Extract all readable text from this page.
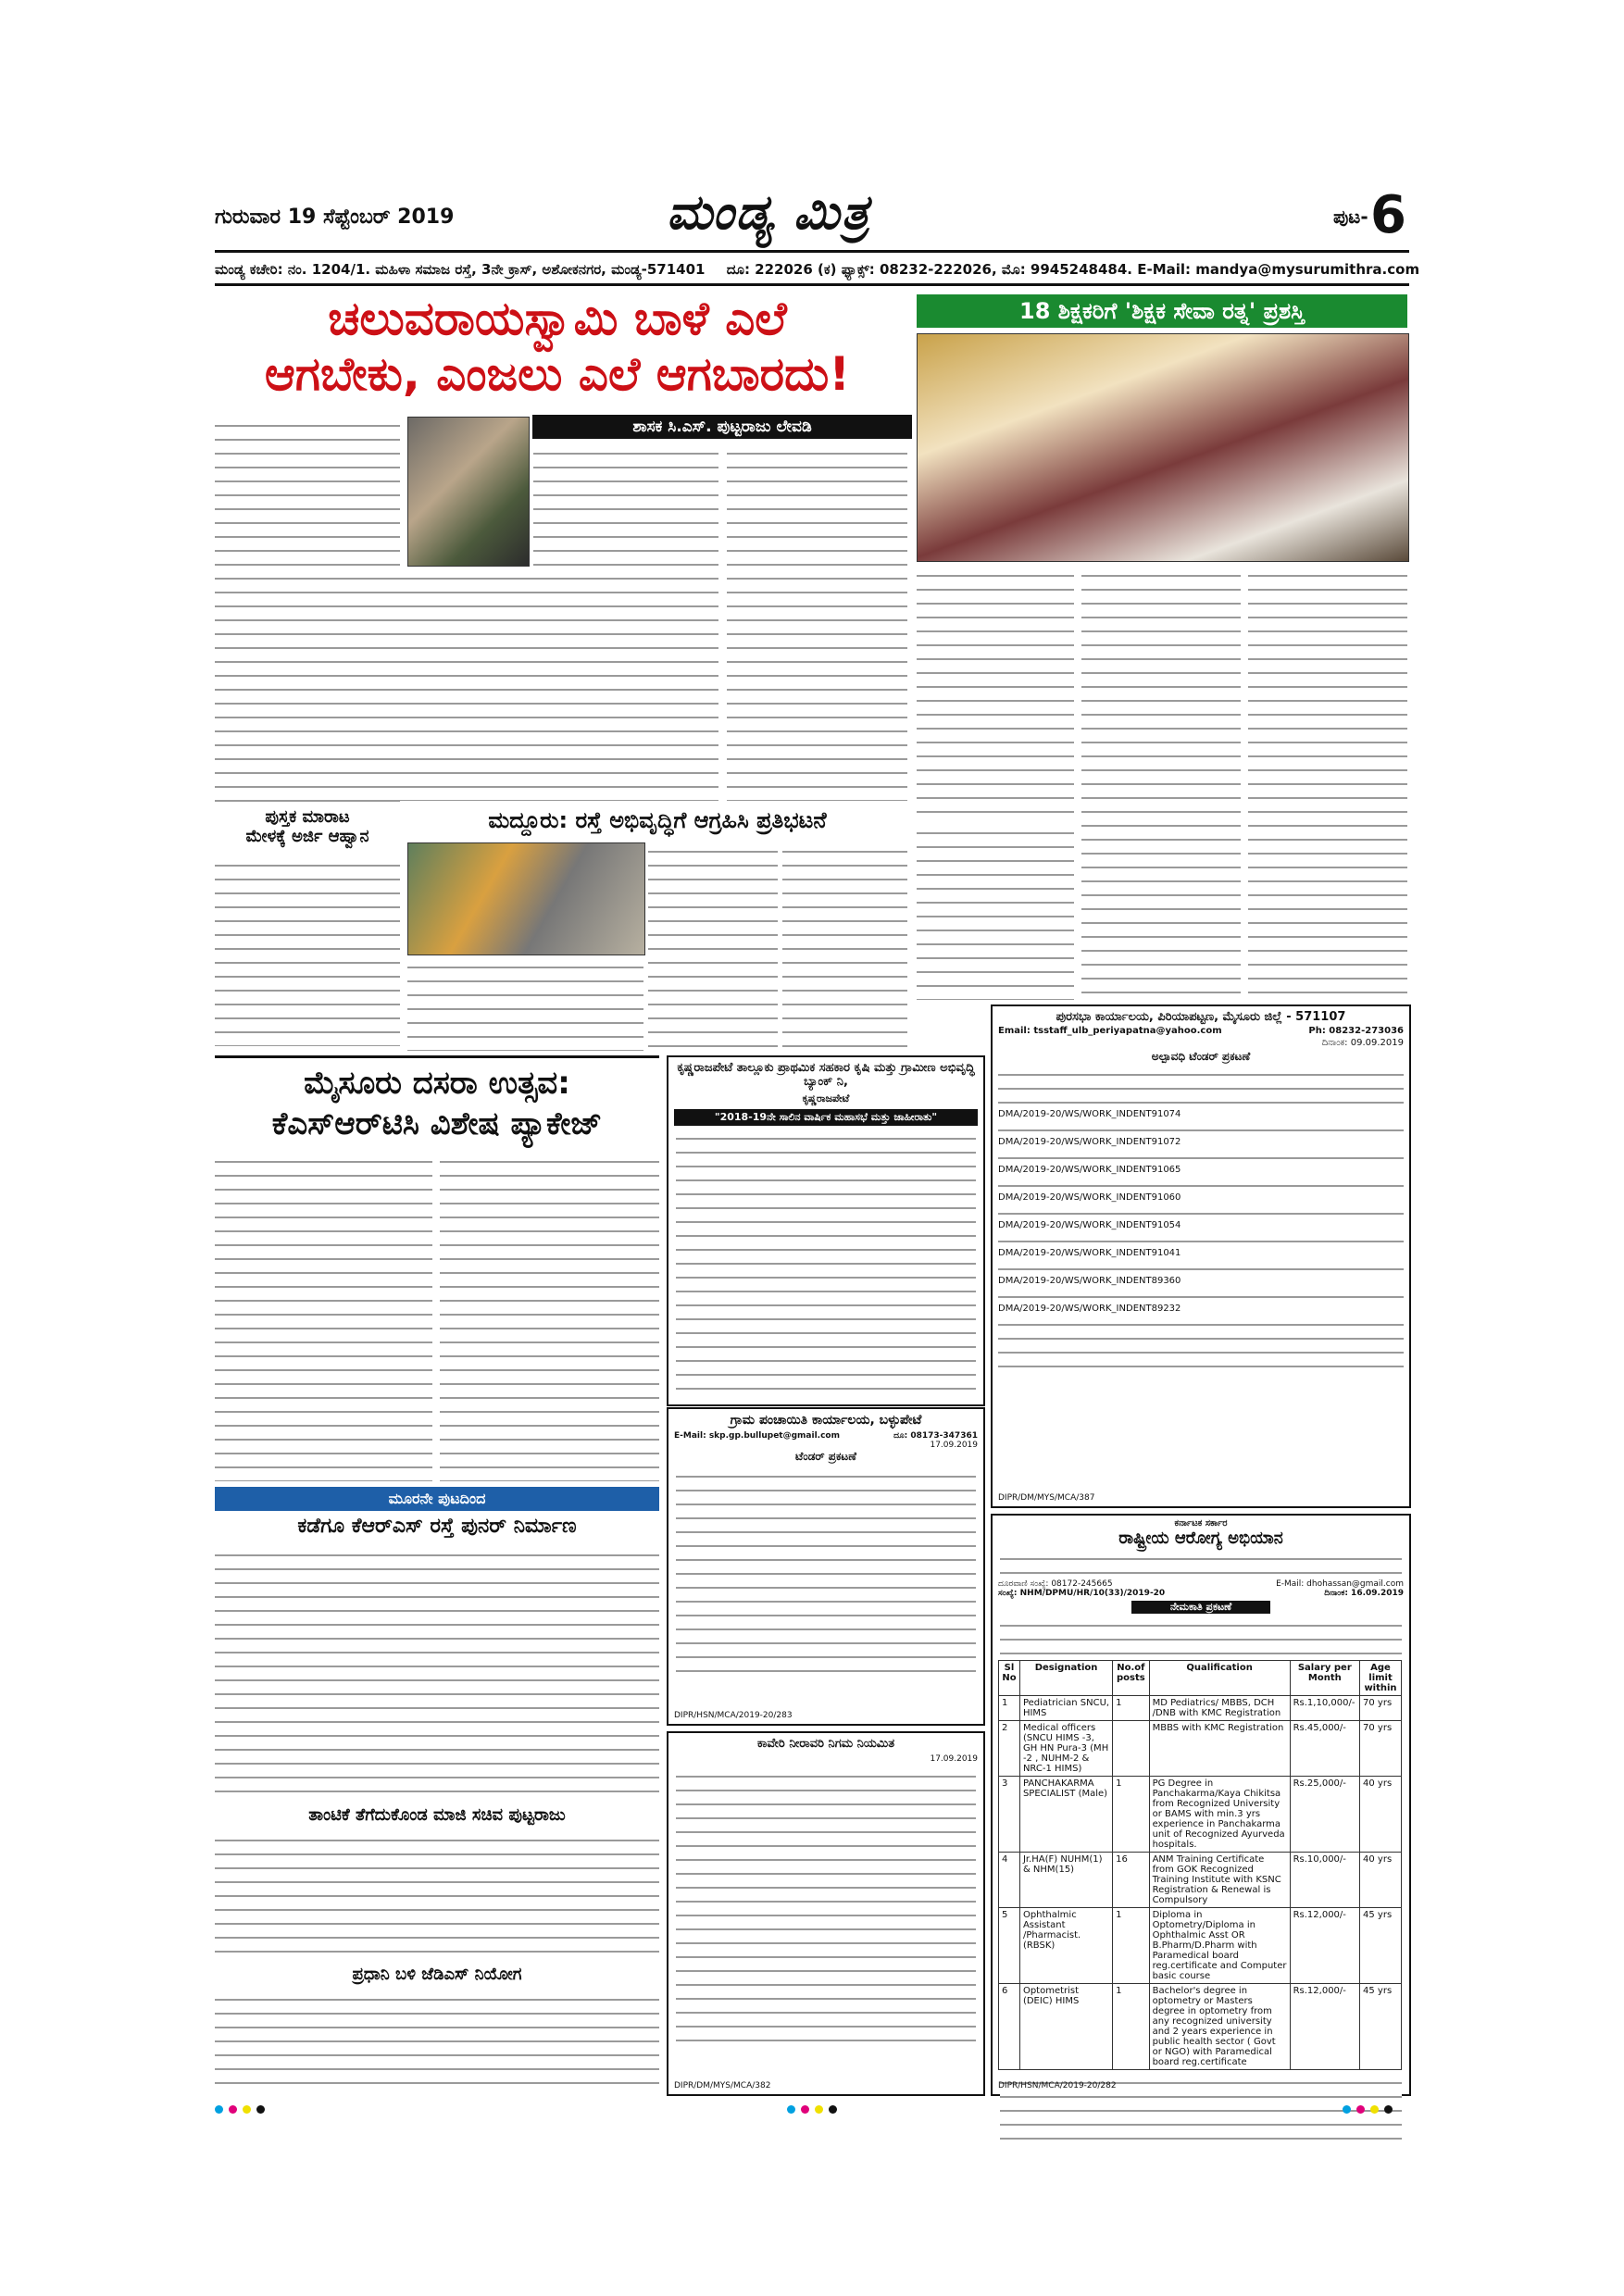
ಗುರುವಾರ 19 ಸೆಪ್ಟೆಂಬರ್ 2019	ಮಂಡ್ಯ ಮಿತ್ರ	ಪುಟ- 6
ಮಂಡ್ಯ ಕಚೇರಿ: ನಂ. 1204/1. ಮಹಿಳಾ ಸಮಾಜ ರಸ್ತೆ, 3ನೇ ಕ್ರಾಸ್, ಅಶೋಕನಗರ, ಮಂಡ್ಯ-571401 ದೂ: 222026 (ಕ) ಫ್ಯಾಕ್ಸ್: 08232-222026, ಮೊ: 9945248484. E-Mail: mandya@mysurumithra.com
ಚಲುವರಾಯಸ್ವಾಮಿ ಬಾಳೆ ಎಲೆ
ಆಗಬೇಕು, ಎಂಜಲು ಎಲೆ ಆಗಬಾರದು!
ಶಾಸಕ ಸಿ.ಎಸ್. ಪುಟ್ಟರಾಜು ಲೇವಡಿ
18 ಶಿಕ್ಷಕರಿಗೆ 'ಶಿಕ್ಷಕ ಸೇವಾ ರತ್ನ' ಪ್ರಶಸ್ತಿ
ಪುಸ್ತಕ ಮಾರಾಟ
ಮೇಳಕ್ಕೆ ಅರ್ಜಿ ಆಹ್ವಾನ
ಮದ್ದೂರು: ರಸ್ತೆ ಅಭಿವೃದ್ಧಿಗೆ ಆಗ್ರಹಿಸಿ ಪ್ರತಿಭಟನೆ
ಮೈಸೂರು ದಸರಾ ಉತ್ಸವ:
ಕೆಎಸ್ಆರ್‌ಟಿಸಿ ವಿಶೇಷ ಪ್ಯಾಕೇಜ್
ಮೂರನೇ ಪುಟದಿಂದ
ಕಡೆಗೂ ಕೆಆರ್‌ಎಸ್ ರಸ್ತೆ ಪುನರ್ ನಿರ್ಮಾಣ
ತಾಂಟಿಕೆ ತೆಗೆದುಕೊಂಡ ಮಾಜಿ ಸಚಿವ ಪುಟ್ಟರಾಜು
ಪ್ರಧಾನಿ ಬಳಿ ಜೆಡಿಎಸ್ ನಿಯೋಗ
ಪುರಸಭಾ ಕಾರ್ಯಾಲಯ, ಪಿರಿಯಾಪಟ್ಟಣ, ಮೈಸೂರು ಜಿಲ್ಲೆ - 571107
Email: tsstaff_ulb_periyapatna@yahoo.com	Ph: 08232-273036
ದಿನಾಂಕ: 09.09.2019
ಅಲ್ಪಾವಧಿ ಟೆಂಡರ್ ಪ್ರಕಟಣೆ
DMA/2019-20/WS/WORK_INDENT91074
DMA/2019-20/WS/WORK_INDENT91072
DMA/2019-20/WS/WORK_INDENT91065
DMA/2019-20/WS/WORK_INDENT91060
DMA/2019-20/WS/WORK_INDENT91054
DMA/2019-20/WS/WORK_INDENT91041
DMA/2019-20/WS/WORK_INDENT89360
DMA/2019-20/WS/WORK_INDENT89232
DIPR/DM/MYS/MCA/387
ಕೃಷ್ಣರಾಜಪೇಟೆ ತಾಲ್ಲೂಕು ಪ್ರಾಥಮಿಕ ಸಹಕಾರ ಕೃಷಿ ಮತ್ತು ಗ್ರಾಮೀಣ ಅಭಿವೃದ್ಧಿ ಬ್ಯಾಂಕ್ ನಿ,
ಕೃಷ್ಣರಾಜಪೇಟೆ
"2018-19ನೇ ಸಾಲಿನ ವಾರ್ಷಿಕ ಮಹಾಸಭೆ ಮತ್ತು ಜಾಹೀರಾತು"
ಗ್ರಾಮ ಪಂಚಾಯಿತಿ ಕಾರ್ಯಾಲಯ, ಬಳ್ಳುಪೇಟೆ
E-Mail: skp.gp.bullupet@gmail.com	ದೂ: 08173-347361
17.09.2019
ಟೆಂಡರ್ ಪ್ರಕಟಣೆ
DIPR/HSN/MCA/2019-20/283
ಕಾವೇರಿ ನೀರಾವರಿ ನಿಗಮ ನಿಯಮಿತ
17.09.2019
DIPR/DM/MYS/MCA/382
ಕರ್ನಾಟಕ ಸರ್ಕಾರ
ರಾಷ್ಟ್ರೀಯ ಆರೋಗ್ಯ ಅಭಿಯಾನ
ದೂರವಾಣಿ ಸಂಖ್ಯೆ: 08172-245665	E-Mail: dhohassan@gmail.com
ಸಂಖ್ಯೆ: NHM/DPMU/HR/10(33)/2019-20	ದಿನಾಂಕ: 16.09.2019
ನೇಮಕಾತಿ ಪ್ರಕಟಣೆ
Sl No	Designation	No.of posts	Qualification	Salary per Month	Age limit within
1	Pediatrician SNCU, HIMS	1	MD Pediatrics/ MBBS, DCH /DNB with KMC Registration	Rs.1,10,000/-	70 yrs
2	Medical officers (SNCU HIMS -3, GH HN Pura-3 (MH -2 , NUHM-2 & NRC-1 HIMS)		MBBS with KMC Registration	Rs.45,000/-	70 yrs
3	PANCHAKARMA SPECIALIST (Male)	1	PG Degree in Panchakarma/Kaya Chikitsa from Recognized University or BAMS with min.3 yrs experience in Panchakarma unit of Recognized Ayurveda hospitals.	Rs.25,000/-	40 yrs
4	Jr.HA(F) NUHM(1) & NHM(15)	16	ANM Training Certificate from GOK Recognized Training Institute with KSNC Registration & Renewal is Compulsory	Rs.10,000/-	40 yrs
5	Ophthalmic Assistant /Pharmacist. (RBSK)	1	Diploma in Optometry/Diploma in Ophthalmic Asst OR B.Pharm/D.Pharm with Paramedical board reg.certificate and Computer basic course	Rs.12,000/-	45 yrs
6	Optometrist (DEIC) HIMS	1	Bachelor's degree in optometry or Masters degree in optometry from any recognized university and 2 years experience in public health sector ( Govt or NGO) with Paramedical board reg.certificate	Rs.12,000/-	45 yrs
DIPR/HSN/MCA/2019-20/282
